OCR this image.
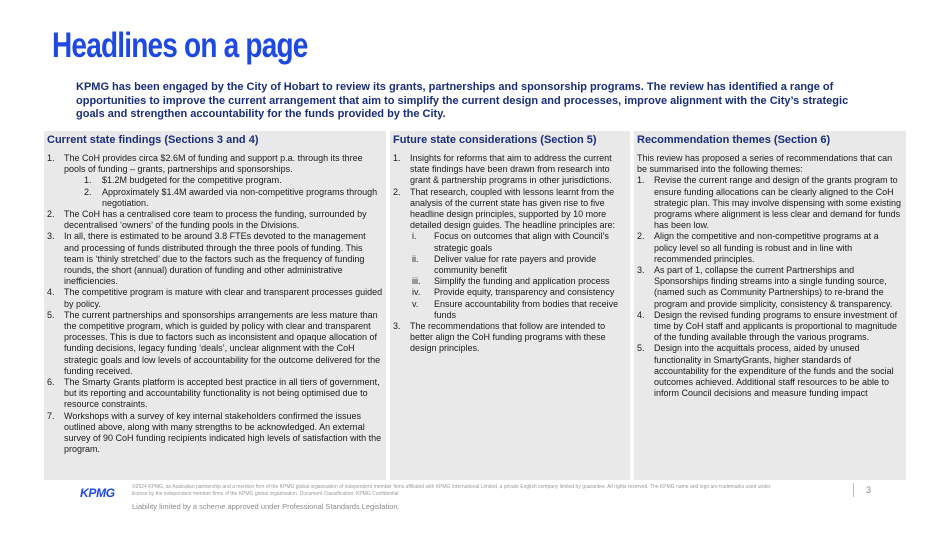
Headlines on a page

KPMG has been engaged by the City of Hobart to review its grants, partnerships and sponsorship programs. The review has identified a range of opportunities to improve the current arrangement that aim to simplify the current design and processes, improve alignment with the City’s strategic goals and strengthen accountability for the funds provided by the City.

Current state findings (Sections 3 and 4)
1. The CoH provides circa $2.6M of funding and support p.a. through its three pools of funding – grants, partnerships and sponsorships.
1. $1.2M budgeted for the competitive program.
2. Approximately $1.4M awarded via non-competitive programs through negotiation.
2. The CoH has a centralised core team to process the funding, surrounded by decentralised ‘owners’ of the funding pools in the Divisions.
3. In all, there is estimated to be around 3.8 FTEs devoted to the management and processing of funds distributed through the three pools of funding. This team is ‘thinly stretched’ due to the factors such as the frequency of funding rounds, the short (annual) duration of funding and other administrative inefficiencies.
4. The competitive program is mature with clear and transparent processes guided by policy.
5. The current partnerships and sponsorships arrangements are less mature than the competitive program, which is guided by policy with clear and transparent processes. This is due to factors such as inconsistent and opaque allocation of funding decisions, legacy funding ‘deals’, unclear alignment with the CoH strategic goals and low levels of accountability for the outcome delivered for the funding received.
6. The Smarty Grants platform is accepted best practice in all tiers of government, but its reporting and accountability functionality is not being optimised due to resource constraints.
7. Workshops with a survey of key internal stakeholders confirmed the issues outlined above, along with many strengths to be acknowledged. An external survey of 90 CoH funding recipients indicated high levels of satisfaction with the program.
Future state considerations (Section 5)
1. Insights for reforms that aim to address the current state findings have been drawn from research into grant & partnership programs in other jurisdictions.
2. That research, coupled with lessons learnt from the analysis of the current state has given rise to five headline design principles, supported by 10 more detailed design guides. The headline principles are:
i. Focus on outcomes that align with Council’s strategic goals
ii. Deliver value for rate payers and provide community benefit
iii. Simplify the funding and application process
iv. Provide equity, transparency and consistency
v. Ensure accountability from bodies that receive funds
3. The recommendations that follow are intended to better align the CoH funding programs with these design principles.
Recommendation themes (Section 6)

This review has proposed a series of recommendations that can be summarised into the following themes:

1. Revise the current range and design of the grants program to ensure funding allocations can be clearly aligned to the CoH strategic plan. This may involve dispensing with some existing programs where alignment is less clear and demand for funds has been low.
2. Align the competitive and non-competitive programs at a policy level so all funding is robust and in line with recommended principles.
3. As part of 1, collapse the current Partnerships and Sponsorships finding streams into a single funding source, (named such as Community Partnerships) to re-brand the program and provide simplicity, consistency & transparency.
4. Design the revised funding programs to ensure investment of time by CoH staff and applicants is proportional to magnitude of the funding available through the various programs.
5. Design into the acquittals process, aided by unused functionality in SmartyGrants, higher standards of accountability for the expenditure of the funds and the social outcomes achieved. Additional staff resources to be able to inform Council decisions and measure funding impact
KPMG	©2024 KPMG, an Australian partnership and a member firm of the KPMG global organisation of independent member firms affiliated with KPMG International Limited, a private English company limited by guarantee. All rights reserved. The KPMG name and logo are trademarks used under license by the independent member firms of the KPMG global organisation. Document Classification: KPMG Confidential
Liability limited by a scheme approved under Professional Standards Legislation.
3
